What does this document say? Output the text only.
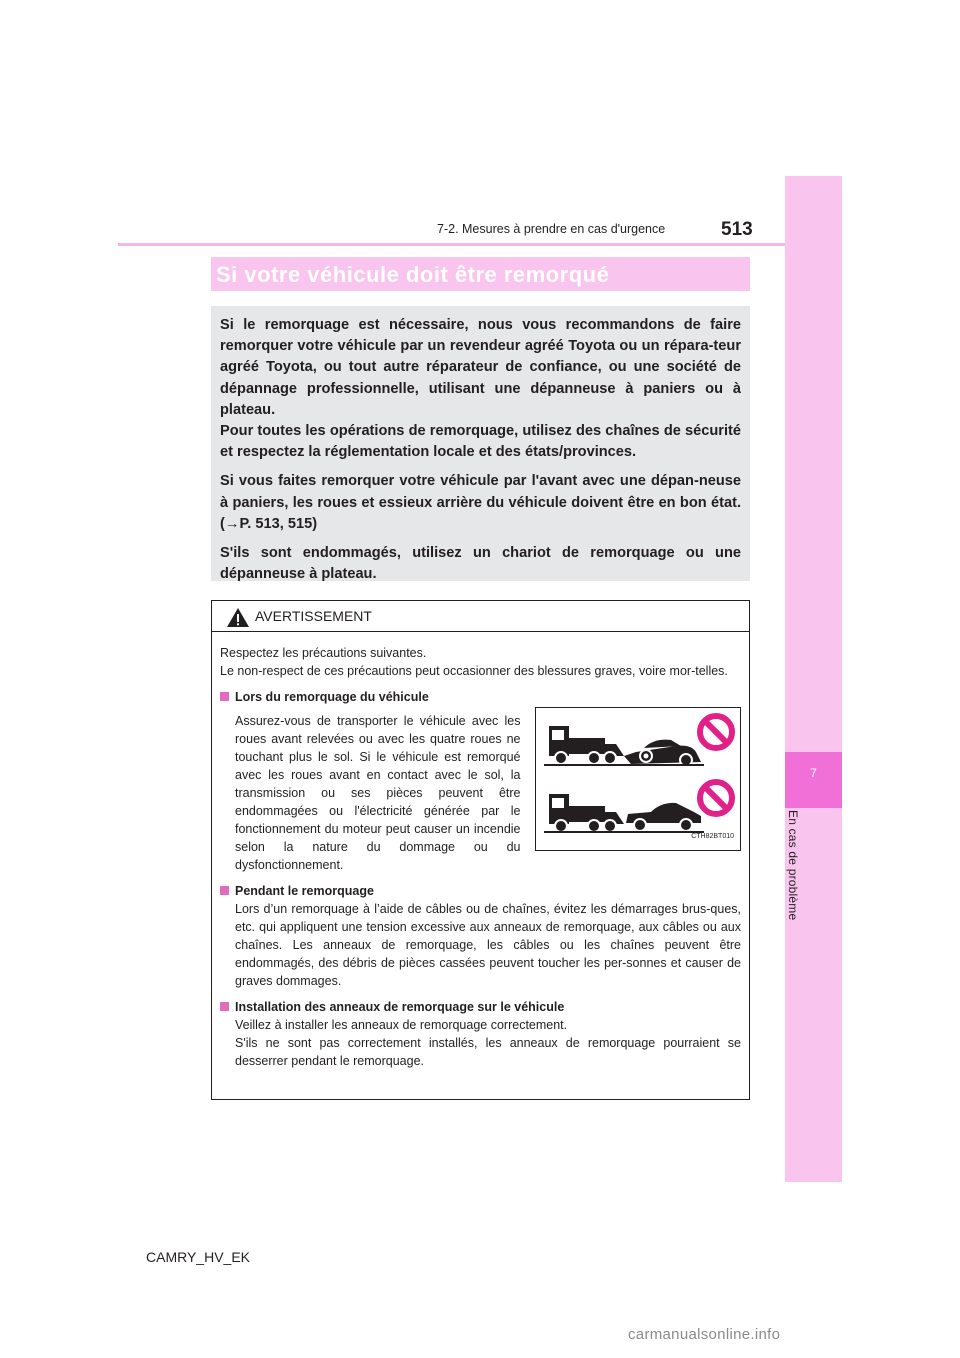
7
En cas de problème
7-2. Mesures à prendre en cas d'urgence	513
Si votre véhicule doit être remorqué

Si le remorquage est nécessaire, nous vous recommandons de faire remorquer votre véhicule par un revendeur agréé Toyota ou un répara-teur agréé Toyota, ou tout autre réparateur de confiance, ou une société de dépannage professionnelle, utilisant une dépanneuse à paniers ou à plateau.
Pour toutes les opérations de remorquage, utilisez des chaînes de sécurité et respectez la réglementation locale et des états/provinces.

Si vous faites remorquer votre véhicule par l'avant avec une dépan-neuse à paniers, les roues et essieux arrière du véhicule doivent être en bon état. (→P. 513, 515)

S'ils sont endommagés, utilisez un chariot de remorquage ou une dépanneuse à plateau.

AVERTISSEMENT

Respectez les précautions suivantes.
Le non-respect de ces précautions peut occasionner des blessures graves, voire mor-telles.

Lors du remorquage du véhicule

Assurez-vous de transporter le véhicule avec les roues avant relevées ou avec les quatre roues ne touchant plus le sol. Si le véhicule est remorqué avec les roues avant en contact avec le sol, la transmission ou ses pièces peuvent être endommagées ou l'électricité générée par le fonctionnement du moteur peut causer un incendie selon la nature du dommage ou du dysfonctionnement.

CTH82BT010
Pendant le remorquage

Lors d’un remorquage à l’aide de câbles ou de chaînes, évitez les démarrages brus-ques, etc. qui appliquent une tension excessive aux anneaux de remorquage, aux câbles ou aux chaînes. Les anneaux de remorquage, les câbles ou les chaînes peuvent être endommagés, des débris de pièces cassées peuvent toucher les per-sonnes et causer de graves dommages.

Installation des anneaux de remorquage sur le véhicule

Veillez à installer les anneaux de remorquage correctement.
S'ils ne sont pas correctement installés, les anneaux de remorquage pourraient se desserrer pendant le remorquage.

CAMRY_HV_EK
carmanualsonline.info
